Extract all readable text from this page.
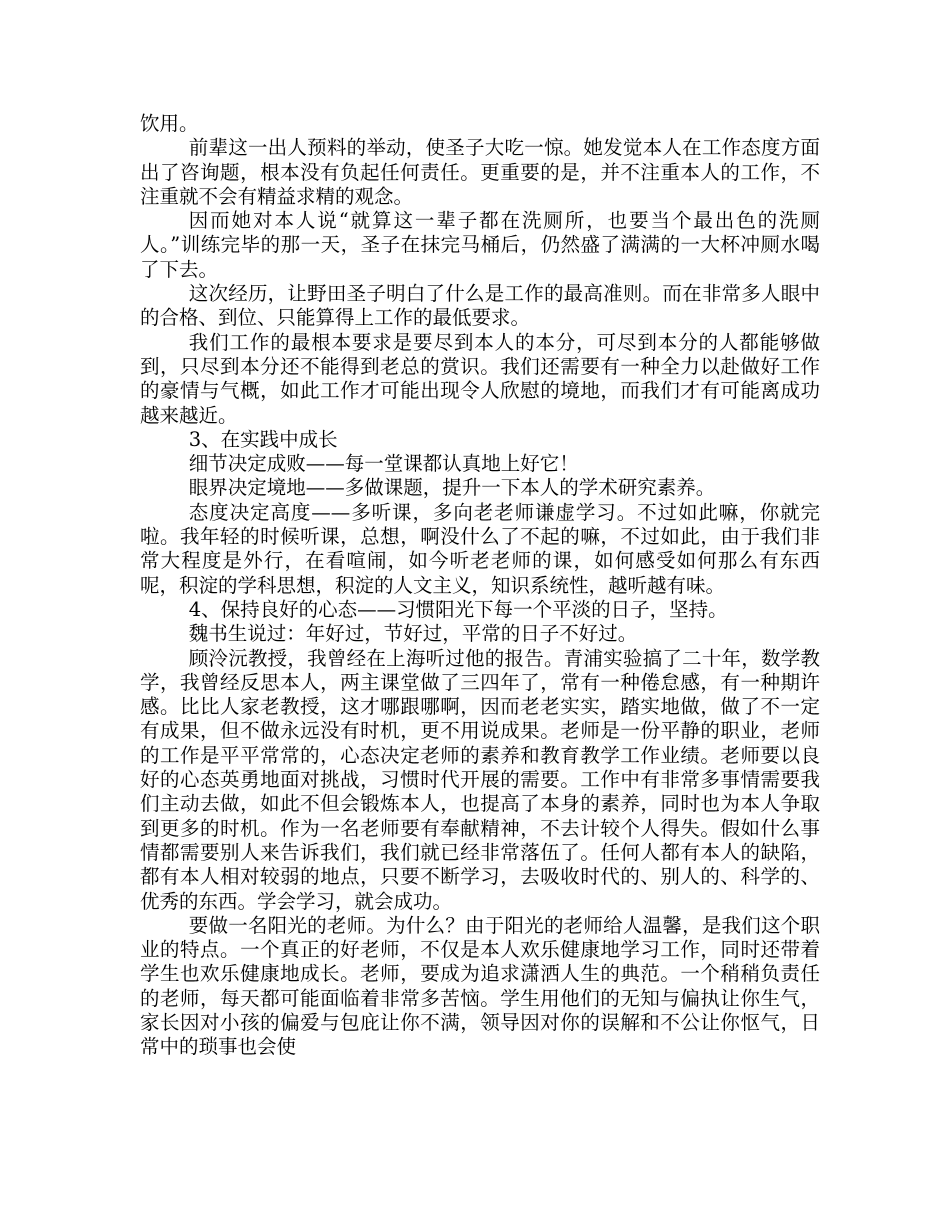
饮用。

前辈这一出人预料的举动，使圣子大吃一惊。她发觉本人在工作态度方面出了咨询题，根本没有负起任何责任。更重要的是，并不注重本人的工作，不注重就不会有精益求精的观念。

因而她对本人说“就算这一辈子都在洗厕所，也要当个最出色的洗厕人。”训练完毕的那一天，圣子在抹完马桶后，仍然盛了满满的一大杯冲厕水喝了下去。

这次经历，让野田圣子明白了什么是工作的最高准则。而在非常多人眼中的合格、到位、只能算得上工作的最低要求。

我们工作的最根本要求是要尽到本人的本分，可尽到本分的人都能够做到，只尽到本分还不能得到老总的赏识。我们还需要有一种全力以赴做好工作的豪情与气概，如此工作才可能出现令人欣慰的境地，而我们才有可能离成功越来越近。

3、在实践中成长

细节决定成败——每一堂课都认真地上好它！

眼界决定境地——多做课题，提升一下本人的学术研究素养。

态度决定高度——多听课，多向老老师谦虚学习。不过如此嘛，你就完啦。我年轻的时候听课，总想，啊没什么了不起的嘛，不过如此，由于我们非常大程度是外行，在看喧闹，如今听老老师的课，如何感受如何那么有东西呢，积淀的学科思想，积淀的人文主义，知识系统性，越听越有味。

4、保持良好的心态——习惯阳光下每一个平淡的日子，坚持。

魏书生说过：年好过，节好过，平常的日子不好过。

顾泠沅教授，我曾经在上海听过他的报告。青浦实验搞了二十年，数学教学，我曾经反思本人，两主课堂做了三四年了，常有一种倦怠感，有一种期许感。比比人家老教授，这才哪跟哪啊，因而老老实实，踏实地做，做了不一定有成果，但不做永远没有时机，更不用说成果。老师是一份平静的职业，老师的工作是平平常常的，心态决定老师的素养和教育教学工作业绩。老师要以良好的心态英勇地面对挑战，习惯时代开展的需要。工作中有非常多事情需要我们主动去做，如此不但会锻炼本人，也提高了本身的素养，同时也为本人争取到更多的时机。作为一名老师要有奉献精神，不去计较个人得失。假如什么事情都需要别人来告诉我们，我们就已经非常落伍了。任何人都有本人的缺陷，都有本人相对较弱的地点，只要不断学习，去吸收时代的、别人的、科学的、优秀的东西。学会学习，就会成功。

要做一名阳光的老师。为什么？由于阳光的老师给人温馨，是我们这个职业的特点。一个真正的好老师，不仅是本人欢乐健康地学习工作，同时还带着学生也欢乐健康地成长。老师，要成为追求潇洒人生的典范。一个稍稍负责任的老师，每天都可能面临着非常多苦恼。学生用他们的无知与偏执让你生气，家长因对小孩的偏爱与包庇让你不满，领导因对你的误解和不公让你怄气，日常中的琐事也会使
